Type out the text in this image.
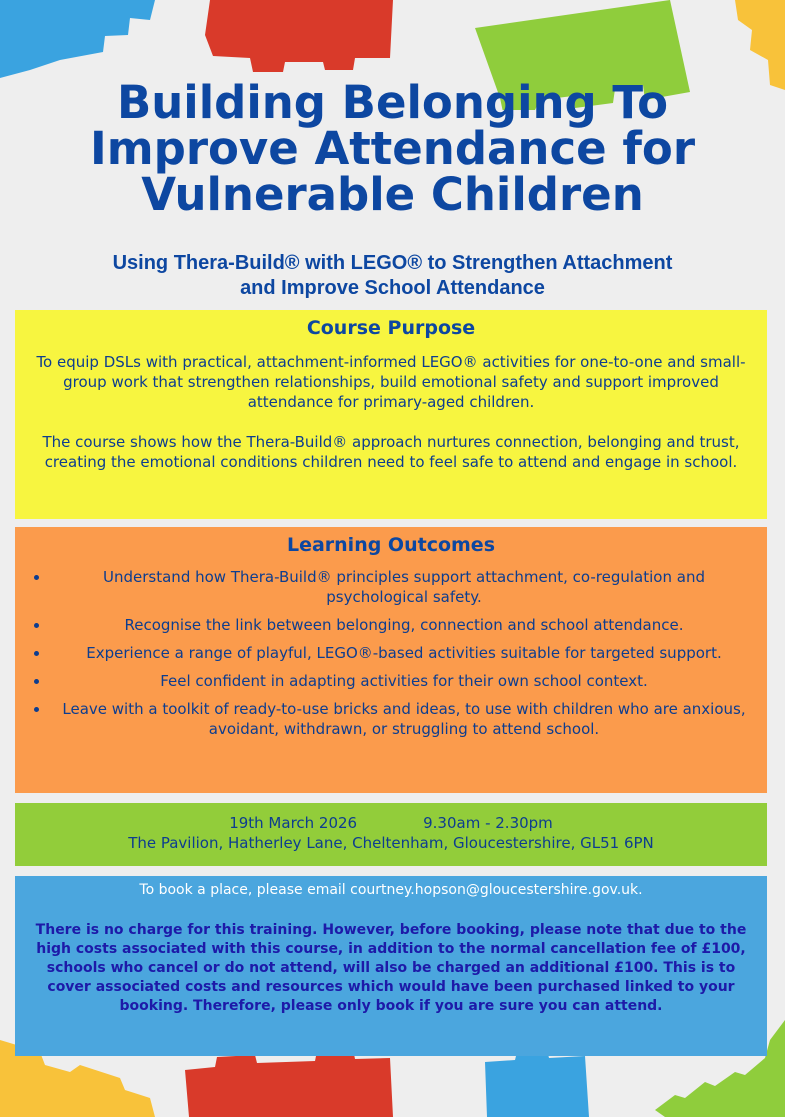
Building Belonging To
Improve Attendance for
Vulnerable Children
Using Thera-Build® with LEGO® to Strengthen Attachment
and Improve School Attendance
Course Purpose

To equip DSLs with practical, attachment-informed LEGO® activities for one-to-one and small-group work that strengthen relationships, build emotional safety and support improved attendance for primary-aged children.

The course shows how the Thera-Build® approach nurtures connection, belonging and trust, creating the emotional conditions children need to feel safe to attend and engage in school.

Learning Outcomes
Understand how Thera-Build® principles support attachment, co-regulation and psychological safety.
Recognise the link between belonging, connection and school attendance.
Experience a range of playful, LEGO®-based activities suitable for targeted support.
Feel confident in adapting activities for their own school context.
Leave with a toolkit of ready-to-use bricks and ideas, to use with children who are anxious, avoidant, withdrawn, or struggling to attend school.

19th March 2026	9.30am - 2.30pm

The Pavilion, Hatherley Lane, Cheltenham, Gloucestershire, GL51 6PN

To book a place, please email courtney.hopson@gloucestershire.gov.uk.

There is no charge for this training. However, before booking, please note that due to the high costs associated with this course, in addition to the normal cancellation fee of £100, schools who cancel or do not attend, will also be charged an additional £100. This is to cover associated costs and resources which would have been purchased linked to your booking. Therefore, please only book if you are sure you can attend.
